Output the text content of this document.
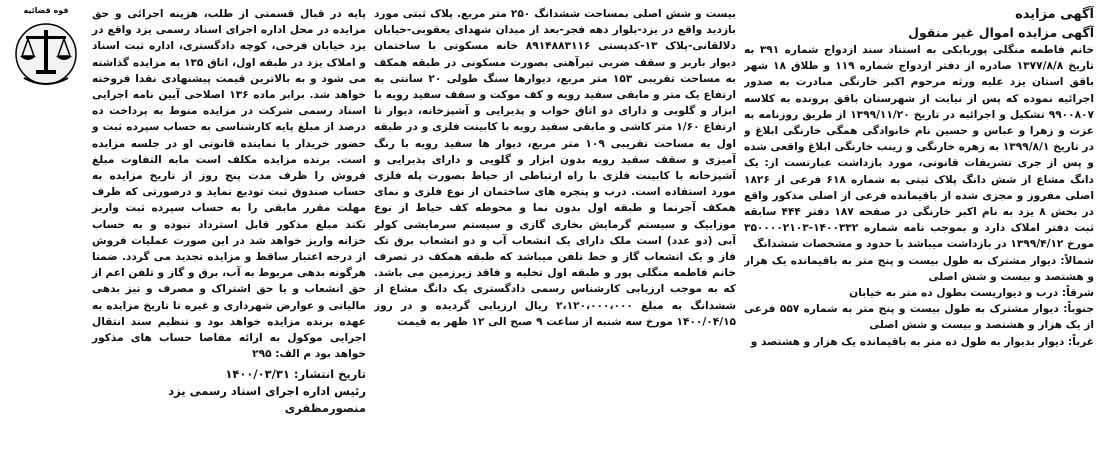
قوه قضائیه	آگهی مزایده

آگهی مزایده اموال غیر منقول

خانم فاطمه منگلی پوربابکی به استناد سند ازدواج شماره ۳۹۱ به تاریخ ۱۳۷۷/۸/۸ صادره از دفتر ازدواج شماره ۱۱۹ و طلاق ۱۸ شهر باقق استان یزد علیه ورثه مرحوم اکبر خارنگی مبادرت به صدور اجرائیه نموده که پس از نیابت از شهرستان باقق پرونده به کلاسه ۹۹۰۰۸۰۷ تشکیل و اجرائیه در تاریخ ۱۳۹۹/۱۱/۲۰ از طریق روزنامه به عزت و زهرا و عباس و حسین نام خانوادگی همگی خارنگی ابلاغ و در تاریخ ۱۳۹۹/۸/۱ به زهره خارنگی و زینب خارنگی ابلاغ واقعی شده و پس از جری تشریفات قانونی، مورد بازداشت عبارتست از: یک دانگ مشاع از شش دانگ پلاک ثبتی به شماره ۶۱۸ فرعی از ۱۸۲۶ اصلی مفروز و مجزی شده از باقیمانده فرعی از اصلی مذکور واقع در بخش ۸ یزد به نام اکبر خارنگی در صفحه ۱۸۷ دفتر ۴۴۴ سابقه ثبت دفتر املاک دارد و بموجب نامه شماره ۱۴۰۰۳۳۲-۳۵۰۰۰۰۲۱۰۳ مورخ ۱۳۹۹/۴/۱۲ در بازداشت میباشد با حدود و مشخصات ششدانگ

شمالاً: دیوار مشترک به طول بیست و پنج متر به باقیمانده یک هزار و هشتصد و بیست و شش اصلی

شرقاً: درب و دیواریست بطول ده متر به خیابان

جنوباً: دیوار مشترک به طول بیست و پنج متر به شماره ۵۵۷ فرعی از یک هزار و هشتصد و بیست و شش اصلی

غرباً: دیوار بدیوار به طول ده متر به باقیمانده یک هزار و هشتصد و

بیست و شش اصلی بمساحت ششدانگ ۲۵۰ متر مربع. پلاک ثبتی مورد بازدید واقع در یزد-بلوار دهه فجر-بعد از میدان شهدای یعقوبی-خیابان دلالقانی-پلاک ۱۳-کدپستی ۸۹۱۴۸۸۳۱۱۶ خانه مسکونی با ساختمان دیوار باربر و سقف ضربی تیرآهنی بصورت مسکونی در طبقه همکف به مساحت تقریبی ۱۵۳ متر مربع، دیوارها سنگ طولی ۲۰ سانتی به ارتفاع یک متر و مابقی سفید رویه و کف موکت و سقف سفید رویه با ابزار و گلویی و دارای دو اتاق خواب و پذیرایی و آشپزخانه، دیوار تا ارتفاع ۱/۶۰ متر کاشی و مابقی سفید رویه با کابینت فلزی و در طبقه اول به مساحت تقریبی ۱۰۹ متر مربع، دیوار ها سفید رویه با رنگ آمیزی و سقف سفید رویه بدون ابزار و گلویی و دارای پذیرایی و آشپزخانه با کابینت فلزی با راه ارتباطی از حیاط بصورت پله فلزی مورد استفاده است. درب و پنجره های ساختمان از نوع فلزی و نمای همکف آجرنما و طبقه اول بدون نما و محوطه کف حیاط از نوع موزاییک و سیستم گرمایش بخاری گازی و سیستم سرمایشی کولر آبی (دو عدد) است ملک دارای یک انشعاب آب و دو انشعاب برق تک فاز و یک انشعاب گاز و خط تلفن میباشد که طبقه همکف در تصرف خانم فاطمه منگلی پور و طبقه اول تخلیه و فاقد زیرزمین می باشد. که به موجب ارزیابی کارشناس رسمی دادگستری یک دانگ مشاع از ششدانگ به مبلغ ۲،۱۲۰،۰۰۰،۰۰۰ ریال ارزیابی گردیده و در روز ۱۴۰۰/۰۴/۱۵ مورخ سه شنبه از ساعت ۹ صبح الی ۱۲ ظهر به قیمت

پایه در قبال قسمتی از طلب، هزینه اجرائی و حق مزایده در محل اداره اجرای اسناد رسمی یزد واقع در یزد خیابان فرخی، کوچه دادگستری، اداره ثبت اسناد و املاک یزد در طبقه اول، اتاق ۱۳۵ به مزایده گذاشته می شود و به بالاترین قیمت پیشنهادی نقدا فروخته خواهد شد. برابر ماده ۱۳۶ اصلاحی آیین نامه اجرایی اسناد رسمی شرکت در مزایده منوط به پرداخت ده درصد از مبلغ پایه کارشناسی به حساب سپرده ثبت و حضور خریدار یا نماینده قانونی او در جلسه مزایده است. برنده مزایده مکلف است مابه التفاوت مبلغ فروش را ظرف مدت پنج روز از تاریخ مزایده به حساب صندوق ثبت تودیع نماید و درصورتی که ظرف مهلت مقرر مابقی را به حساب سپرده ثبت واریز نکند مبلغ مذکور قابل استرداد نبوده و به حساب خزانه واریز خواهد شد در این صورت عملیات فروش از درجه اعتبار ساقط و مزایده تجدید می گردد. ضمنا هرگونه بدهی مربوط به آب، برق و گاز و تلفن اعم از حق انشعاب و یا حق اشتراک و مصرف و نیز بدهی مالیاتی و عوارض شهرداری و غیره تا تاریخ مزایده به عهده برنده مزایده خواهد بود و تنظیم سند انتقال اجرایی موکول به ارائه مفاصا حساب های مذکور خواهد بود م الف: ۲۹۵

تاریخ انتشار: ۱۴۰۰/۰۳/۳۱

رئیس اداره اجرای اسناد رسمی یزد

منصورمظفری
